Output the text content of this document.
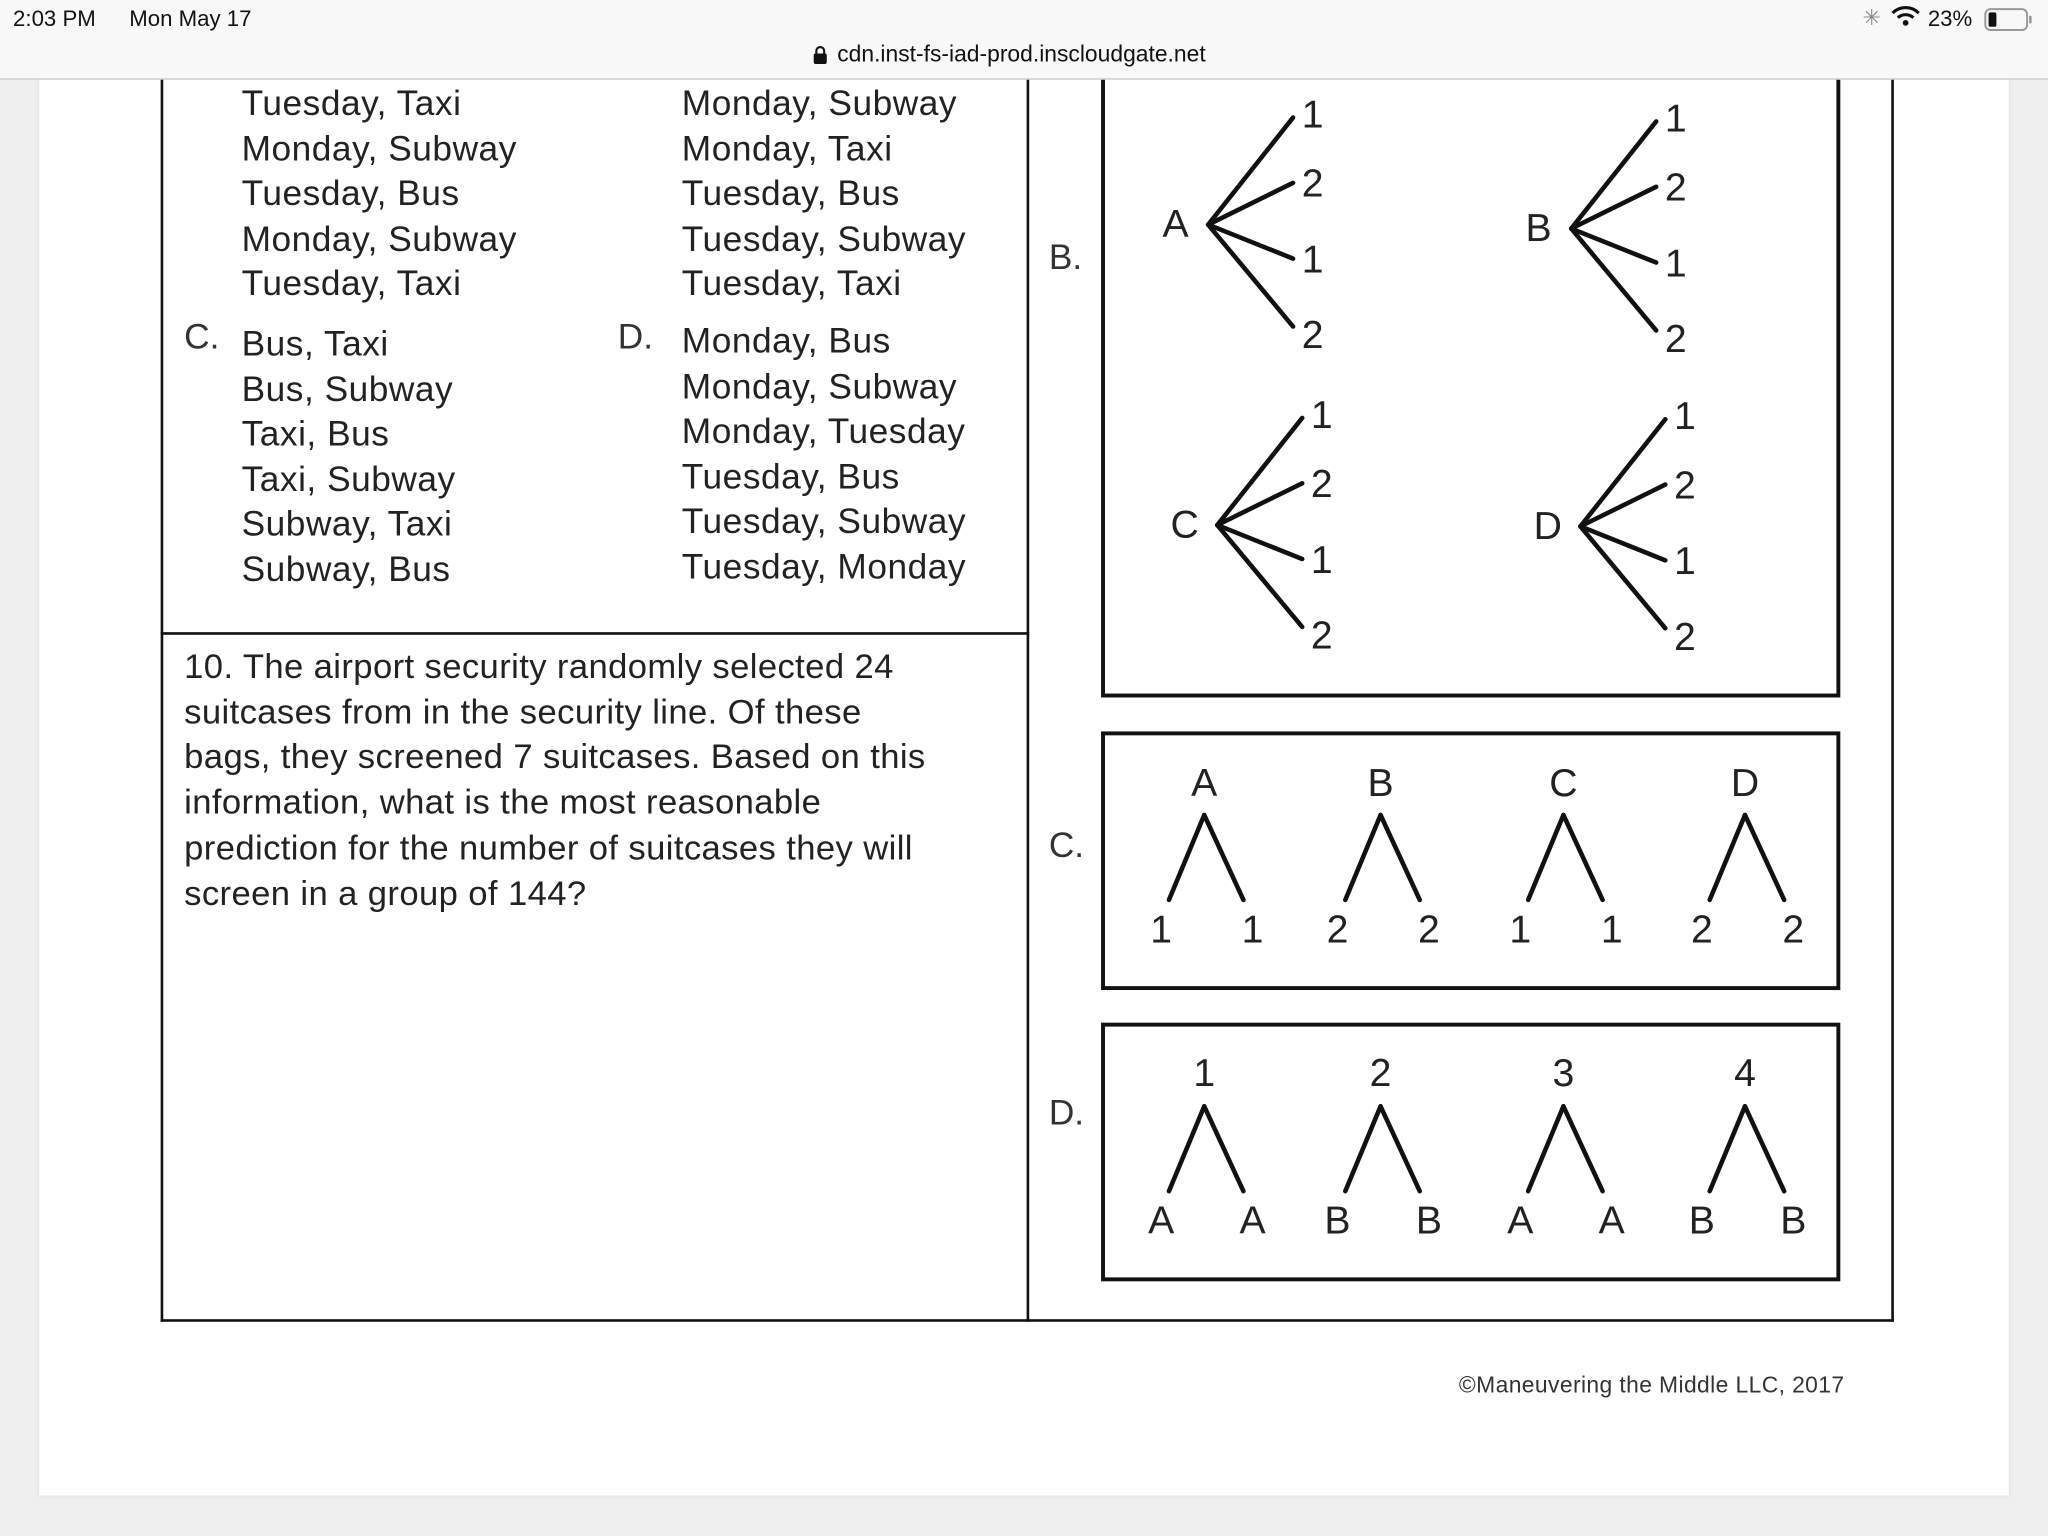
2:03 PM Mon May 17	✳	23%
cdn.inst-fs-iad-prod.inscloudgate.net
Tuesday, Taxi
Monday, Subway
Tuesday, Bus
Monday, Subway
Tuesday, Taxi
Monday, Subway
Monday, Taxi
Tuesday, Bus
Tuesday, Subway
Tuesday, Taxi
C. Bus, Taxi
Bus, Subway
Taxi, Bus
Taxi, Subway
Subway, Taxi
Subway, Bus
D. Monday, Bus
Monday, Subway
Monday, Tuesday
Tuesday, Bus
Tuesday, Subway
Tuesday, Monday
10. The airport security randomly selected 24
suitcases from in the security line. Of these
bags, they screened 7 suitcases. Based on this
information, what is the most reasonable
prediction for the number of suitcases they will
screen in a group of 144?
B.
C.
D.
A
1
2
1
2
B
1
2
1
2
C
1
2
1
2
D
1
2
1
2
A
1 1
B
2 2
C
1 1
D
2 2
1
A A
2
B B
3
A A
4
B B
©Maneuvering the Middle LLC, 2017
